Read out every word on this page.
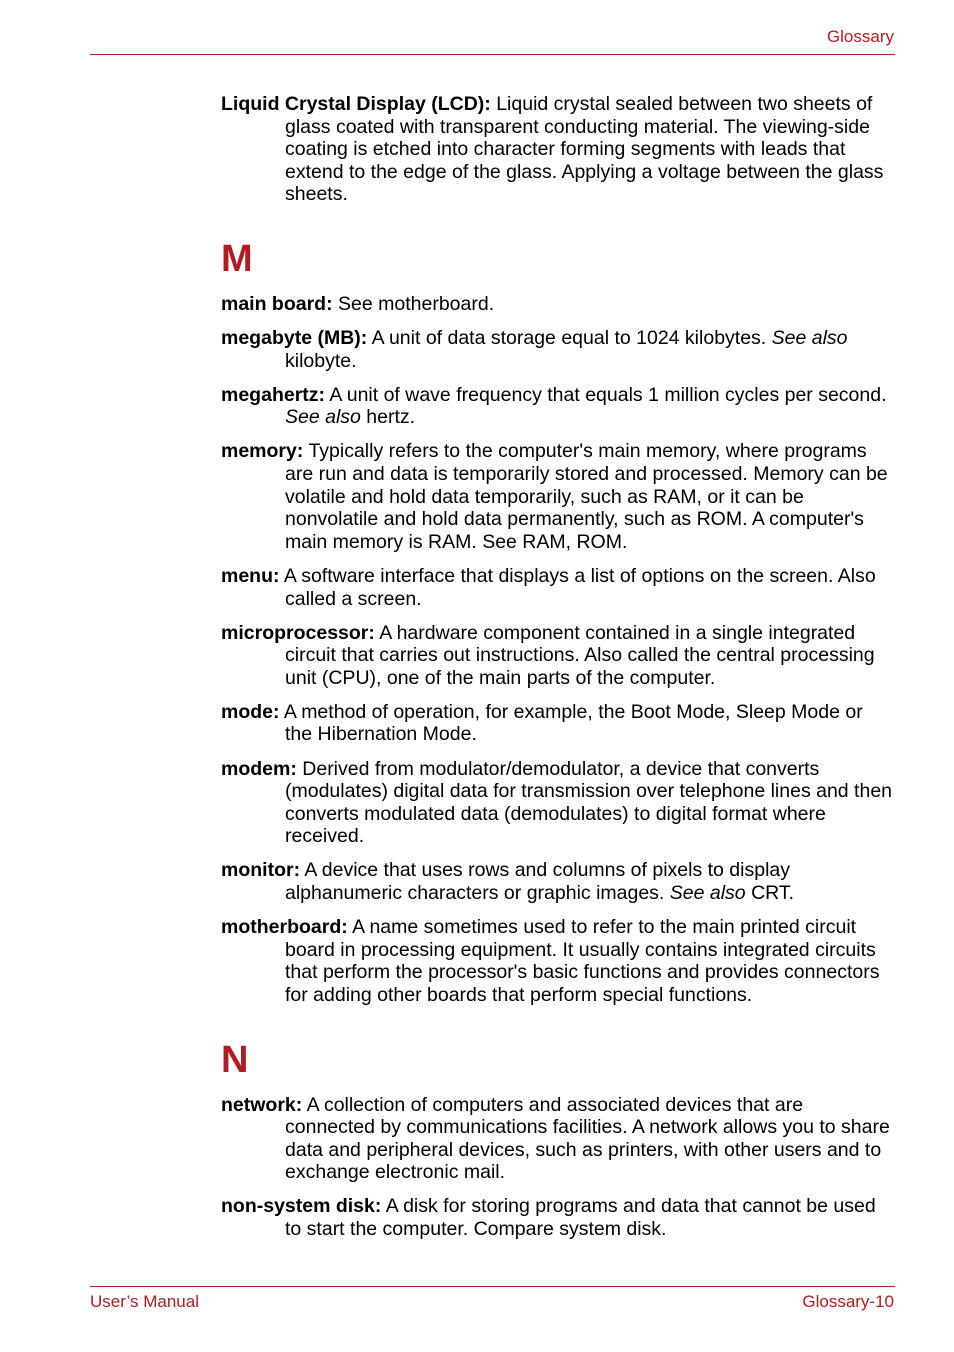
Glossary

Liquid Crystal Display (LCD): Liquid crystal sealed between two sheets of glass coated with transparent conducting material. The viewing-side coating is etched into character forming segments with leads that extend to the edge of the glass. Applying a voltage between the glass sheets.

M

main board: See motherboard.

megabyte (MB): A unit of data storage equal to 1024 kilobytes. See also kilobyte.

megahertz: A unit of wave frequency that equals 1 million cycles per second. See also hertz.

memory: Typically refers to the computer's main memory, where programs are run and data is temporarily stored and processed. Memory can be volatile and hold data temporarily, such as RAM, or it can be nonvolatile and hold data permanently, such as ROM. A computer's main memory is RAM. See RAM, ROM.

menu: A software interface that displays a list of options on the screen. Also called a screen.

microprocessor: A hardware component contained in a single integrated circuit that carries out instructions. Also called the central processing unit (CPU), one of the main parts of the computer.

mode: A method of operation, for example, the Boot Mode, Sleep Mode or the Hibernation Mode.

modem: Derived from modulator/demodulator, a device that converts (modulates) digital data for transmission over telephone lines and then converts modulated data (demodulates) to digital format where received.

monitor: A device that uses rows and columns of pixels to display alphanumeric characters or graphic images. See also CRT.

motherboard: A name sometimes used to refer to the main printed circuit board in processing equipment. It usually contains integrated circuits that perform the processor's basic functions and provides connectors for adding other boards that perform special functions.

N

network: A collection of computers and associated devices that are connected by communications facilities. A network allows you to share data and peripheral devices, such as printers, with other users and to exchange electronic mail.

non-system disk: A disk for storing programs and data that cannot be used to start the computer. Compare system disk.

User’s Manual	Glossary-10
